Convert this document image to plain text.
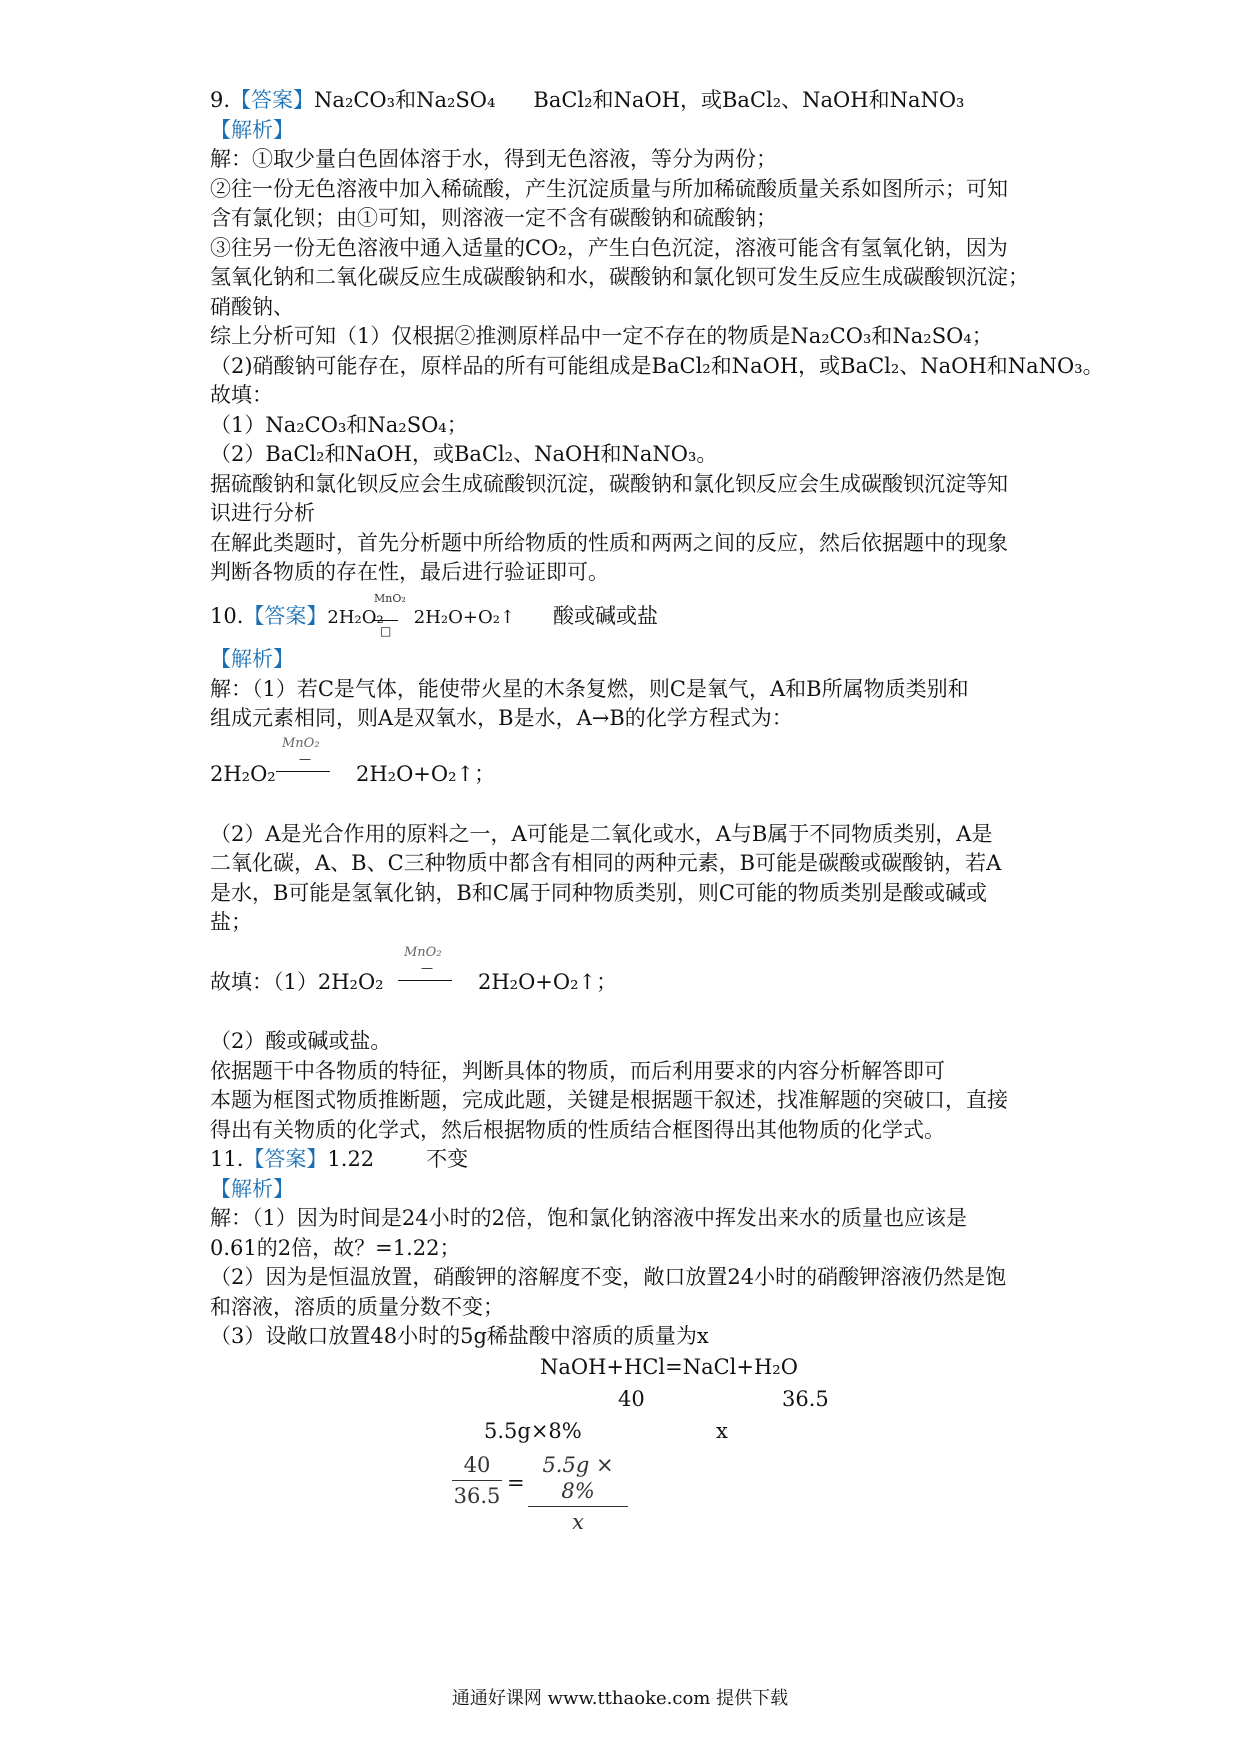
9.【答案】Na₂CO₃和Na₂SO₄ BaCl₂和NaOH，或BaCl₂、NaOH和NaNO₃
【解析】
解：①取少量白色固体溶于水，得到无色溶液，等分为两份；
②往一份无色溶液中加入稀硫酸，产生沉淀质量与所加稀硫酸质量关系如图所示；可知
含有氯化钡；由①可知，则溶液一定不含有碳酸钠和硫酸钠；
③往另一份无色溶液中通入适量的CO₂，产生白色沉淀，溶液可能含有氢氧化钠，因为
氢氧化钠和二氧化碳反应生成碳酸钠和水，碳酸钠和氯化钡可发生反应生成碳酸钡沉淀；
硝酸钠、
综上分析可知（1）仅根据②推测原样品中一定不存在的物质是Na₂CO₃和Na₂SO₄；
（2)硝酸钠可能存在，原样品的所有可能组成是BaCl₂和NaOH，或BaCl₂、NaOH和NaNO₃。
故填：
（1）Na₂CO₃和Na₂SO₄；
（2）BaCl₂和NaOH，或BaCl₂、NaOH和NaNO₃。
据硫酸钠和氯化钡反应会生成硫酸钡沉淀，碳酸钠和氯化钡反应会生成碳酸钡沉淀等知
识进行分析
在解此类题时，首先分析题中所给物质的性质和两两之间的反应，然后依据题中的现象
判断各物质的存在性，最后进行验证即可。
10.【答案】2H₂O₂ 2H₂O+O₂↑ 酸或碱或盐
MnO₂
□
【解析】
解：（1）若C是气体，能使带火星的木条复燃，则C是氧气，A和B所属物质类别和
组成元素相同，则A是双氧水，B是水，A→B的化学方程式为：
MnO₂
—
2H₂O₂	2H₂O+O₂↑；
（2）A是光合作用的原料之一，A可能是二氧化或水，A与B属于不同物质类别，A是
二氧化碳，A、B、C三种物质中都含有相同的两种元素，B可能是碳酸或碳酸钠，若A
是水，B可能是氢氧化钠，B和C属于同种物质类别，则C可能的物质类别是酸或碱或
盐；
MnO₂
—
故填：（1）2H₂O₂	2H₂O+O₂↑；
（2）酸或碱或盐。
依据题干中各物质的特征，判断具体的物质，而后利用要求的内容分析解答即可
本题为框图式物质推断题，完成此题，关键是根据题干叙述，找准解题的突破口，直接
得出有关物质的化学式，然后根据物质的性质结合框图得出其他物质的化学式。
11.【答案】1.22 不变
【解析】
解：（1）因为时间是24小时的2倍，饱和氯化钠溶液中挥发出来水的质量也应该是
0.61的2倍，故？=1.22；
（2）因为是恒温放置，硝酸钾的溶解度不变，敞口放置24小时的硝酸钾溶液仍然是饱
和溶液，溶质的质量分数不变；
（3）设敞口放置48小时的5g稀盐酸中溶质的质量为x
NaOH+HCl=NaCl+H₂O
40	36.5
5.5g×8%	x
40
36.5
=
5.5g × 8%
x
通通好课网 www.tthaoke.com 提供下载
